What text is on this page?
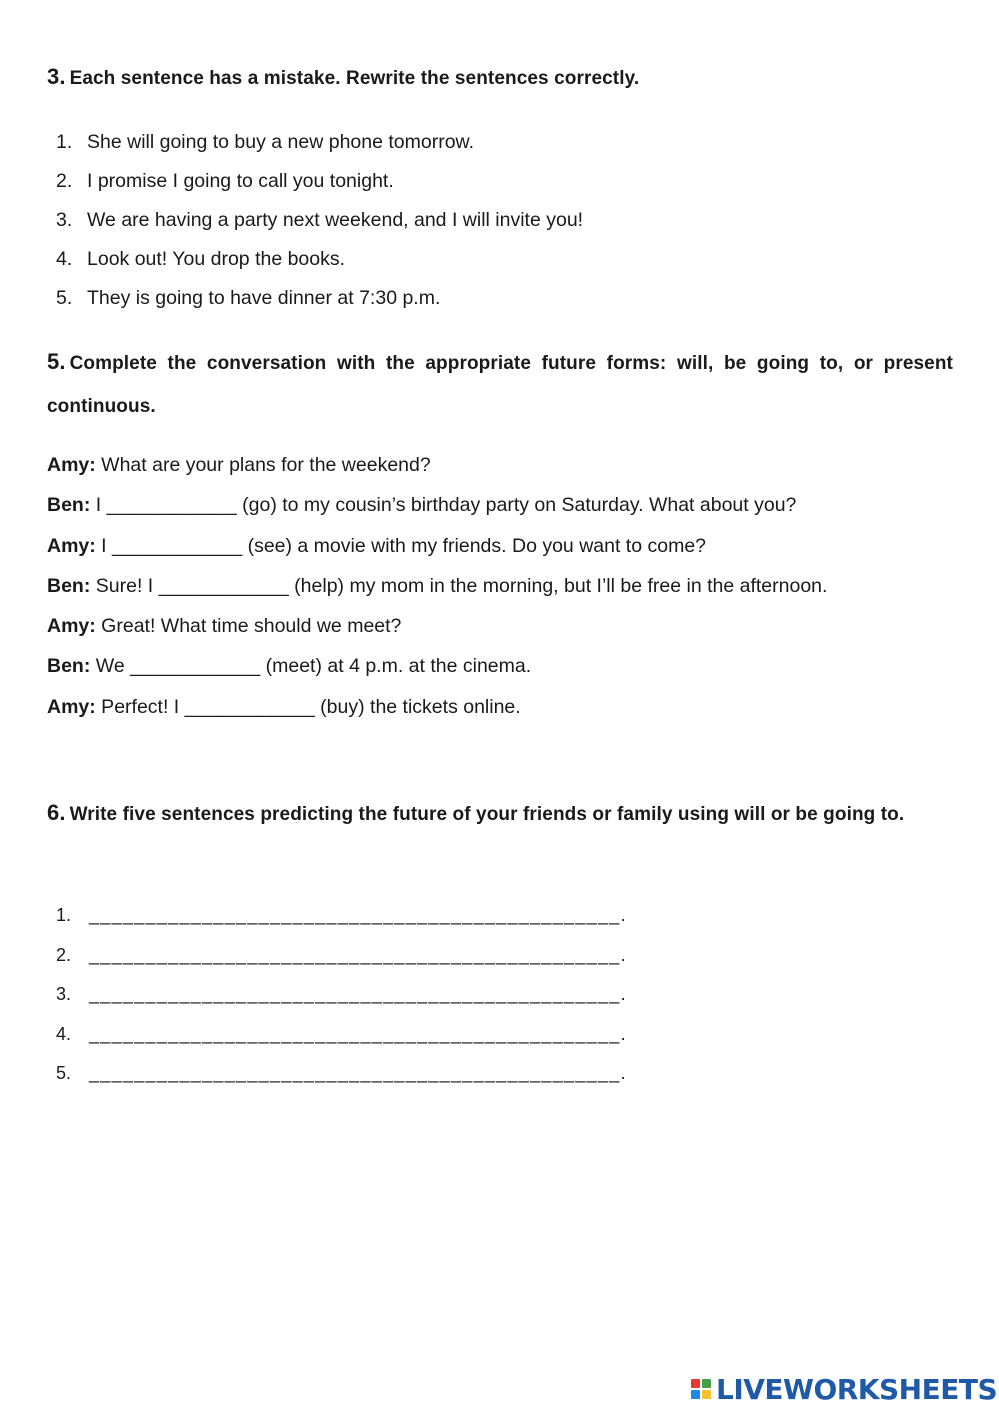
3. Each sentence has a mistake. Rewrite the sentences correctly.
1. She will going to buy a new phone tomorrow.
2. I promise I going to call you tonight.
3. We are having a party next weekend, and I will invite you!
4. Look out! You drop the books.
5. They is going to have dinner at 7:30 p.m.
5. Complete the conversation with the appropriate future forms: will, be going to, or present continuous.
Amy: What are your plans for the weekend?
Ben: I ____________ (go) to my cousin’s birthday party on Saturday. What about you?
Amy: I ____________ (see) a movie with my friends. Do you want to come?
Ben: Sure! I ____________ (help) my mom in the morning, but I’ll be free in the afternoon.
Amy: Great! What time should we meet?
Ben: We ____________ (meet) at 4 p.m. at the cinema.
Amy: Perfect! I ____________ (buy) the tickets online.
6. Write five sentences predicting the future of your friends or family using will or be going to.
1. _______________________________________________.
2. _______________________________________________.
3. _______________________________________________.
4. _______________________________________________.
5. _______________________________________________.
LIVEWORKSHEETS
